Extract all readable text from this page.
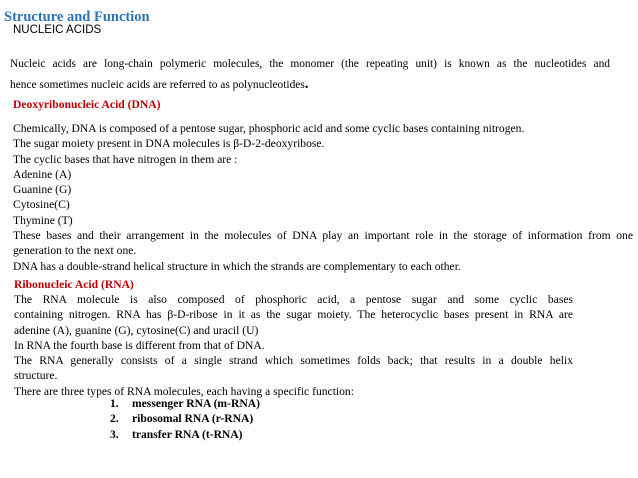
Structure and Function
NUCLEIC ACIDS
Nucleic acids are long-chain polymeric molecules, the monomer (the repeating unit) is known as the nucleotides and
hence sometimes nucleic acids are referred to as polynucleotides.
Deoxyribonucleic Acid (DNA)
Chemically, DNA is composed of a pentose sugar, phosphoric acid and some cyclic bases containing nitrogen.
The sugar moiety present in DNA molecules is β-D-2-deoxyribose.
The cyclic bases that have nitrogen in them are :
Adenine (A)
Guanine (G)
Cytosine(C)
Thymine (T)
These bases and their arrangement in the molecules of DNA play an important role in the storage of information from one
generation to the next one.
DNA has a double-strand helical structure in which the strands are complementary to each other.
Ribonucleic Acid (RNA)
The RNA molecule is also composed of phosphoric acid, a pentose sugar and some cyclic bases
containing nitrogen. RNA has β-D-ribose in it as the sugar moiety. The heterocyclic bases present in RNA are
adenine (A), guanine (G), cytosine(C) and uracil (U)
In RNA the fourth base is different from that of DNA.
The RNA generally consists of a single strand which sometimes folds back; that results in a double helix
structure.
There are three types of RNA molecules, each having a specific function:
1. messenger RNA (m-RNA)
2. ribosomal RNA (r-RNA)
3. transfer RNA (t-RNA)
